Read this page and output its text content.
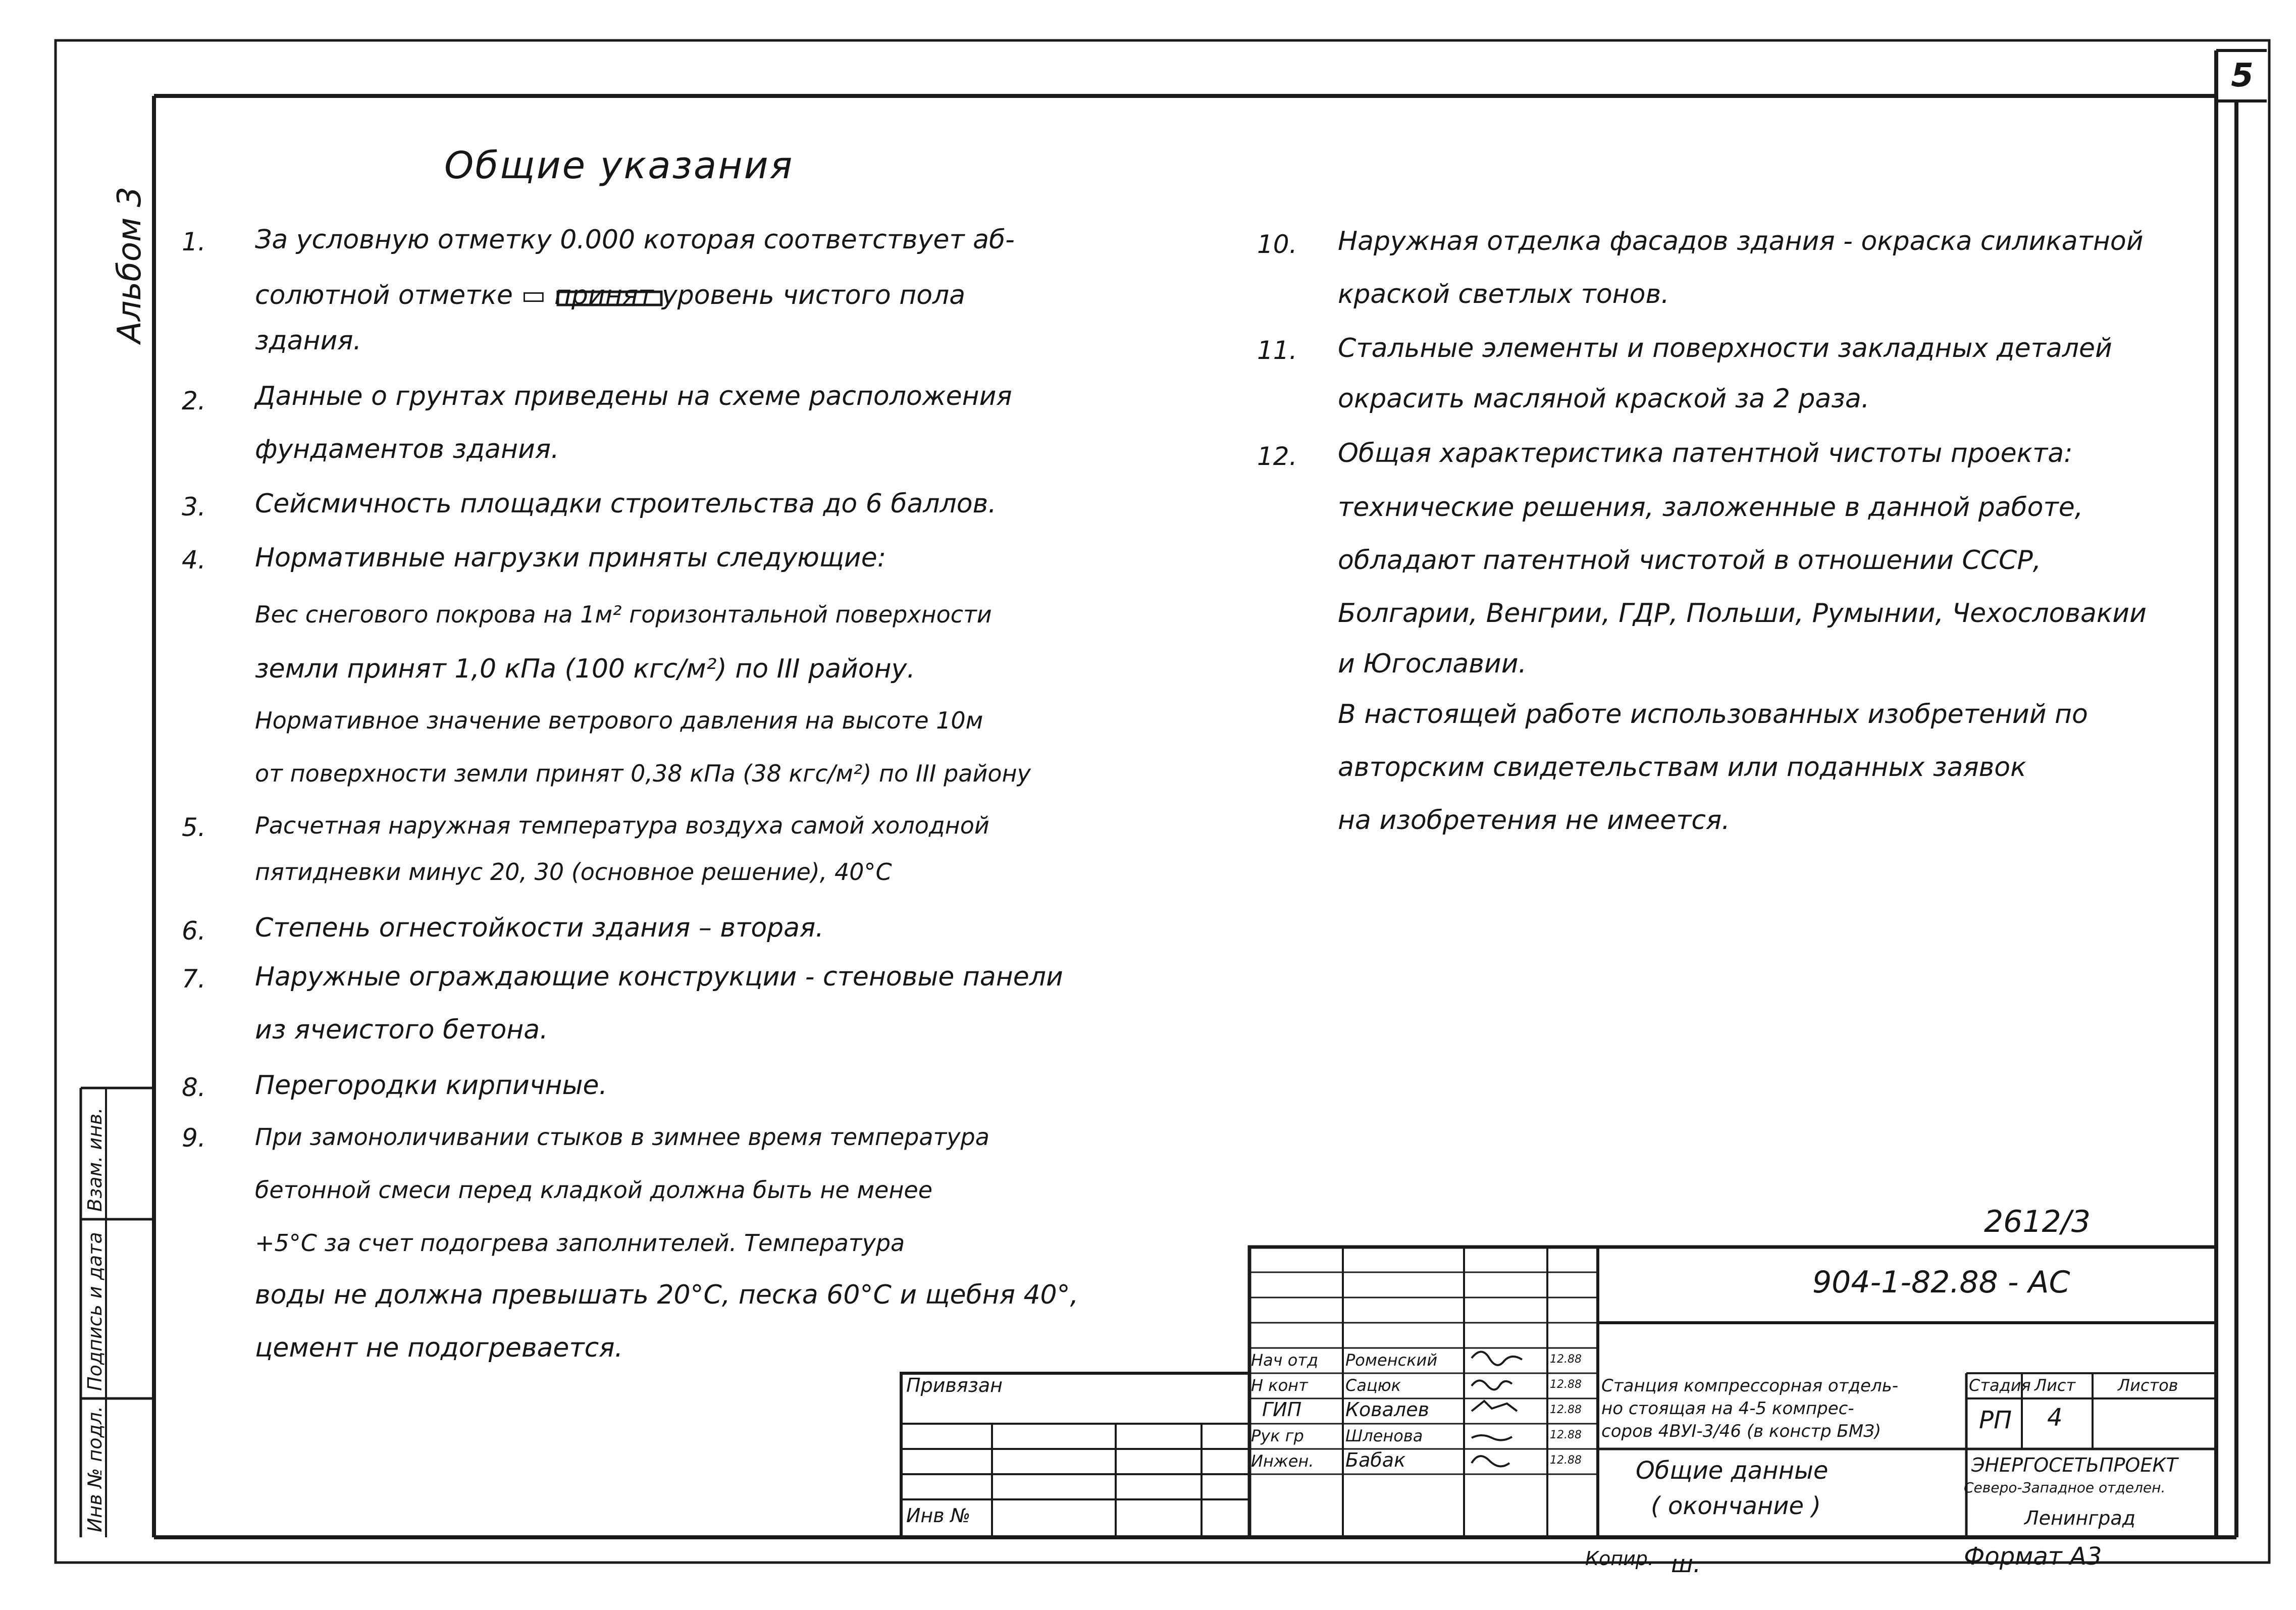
5
Альбом 3
Взам. инв.
Подпись и дата
Инв № подл.
Общие указания
1. За условную отметку 0.000 которая соответствует аб-
солютной отметке ▭ принят уровень чистого пола
здания.
2. Данные о грунтах приведены на схеме расположения
фундаментов здания.
3. Сейсмичность площадки строительства до 6 баллов.
4. Нормативные нагрузки приняты следующие:
Вес снегового покрова на 1м² горизонтальной поверхности
земли принят 1,0 кПа (100 кгс/м²) по III району.
Нормативное значение ветрового давления на высоте 10м
от поверхности земли принят 0,38 кПа (38 кгс/м²) по III району
5. Расчетная наружная температура воздуха самой холодной
пятидневки минус 20, 30 (основное решение), 40°С
6. Степень огнестойкости здания – вторая.
7. Наружные ограждающие конструкции - стеновые панели
из ячеистого бетона.
8. Перегородки кирпичные.
9. При замоноличивании стыков в зимнее время температура
бетонной смеси перед кладкой должна быть не менее
+5°С за счет подогрева заполнителей. Температура
воды не должна превышать 20°С, песка 60°С и щебня 40°,
цемент не подогревается.
10. Наружная отделка фасадов здания - окраска силикатной
краской светлых тонов.
11. Стальные элементы и поверхности закладных деталей
окрасить масляной краской за 2 раза.
12. Общая характеристика патентной чистоты проекта:
технические решения, заложенные в данной работе,
обладают патентной чистотой в отношении СССР,
Болгарии, Венгрии, ГДР, Польши, Румынии, Чехословакии
и Югославии.
В настоящей работе использованных изобретений по
авторским свидетельствам или поданных заявок
на изобретения не имеется.
2612/3
904-1-82.88 - АС
Привязан
Инв №
Нач отд
Н конт
ГИП
Рук гр
Инжен.
Роменский
Сацюк
Ковалев
Шленова
Бабак
12.88
12.88
12.88
12.88
12.88
Станция компрессорная отдель-
но стоящая на 4-5 компрес-
соров 4ВУI-3/46 (в констр БМЗ)
Общие данные
( окончание )
Стадия Лист	Листов
РП 4
ЭНЕРГОСЕТЬПРОЕКТ
Северо-Западное отделен.
Ленинград
Копир. ш.	Формат А3
